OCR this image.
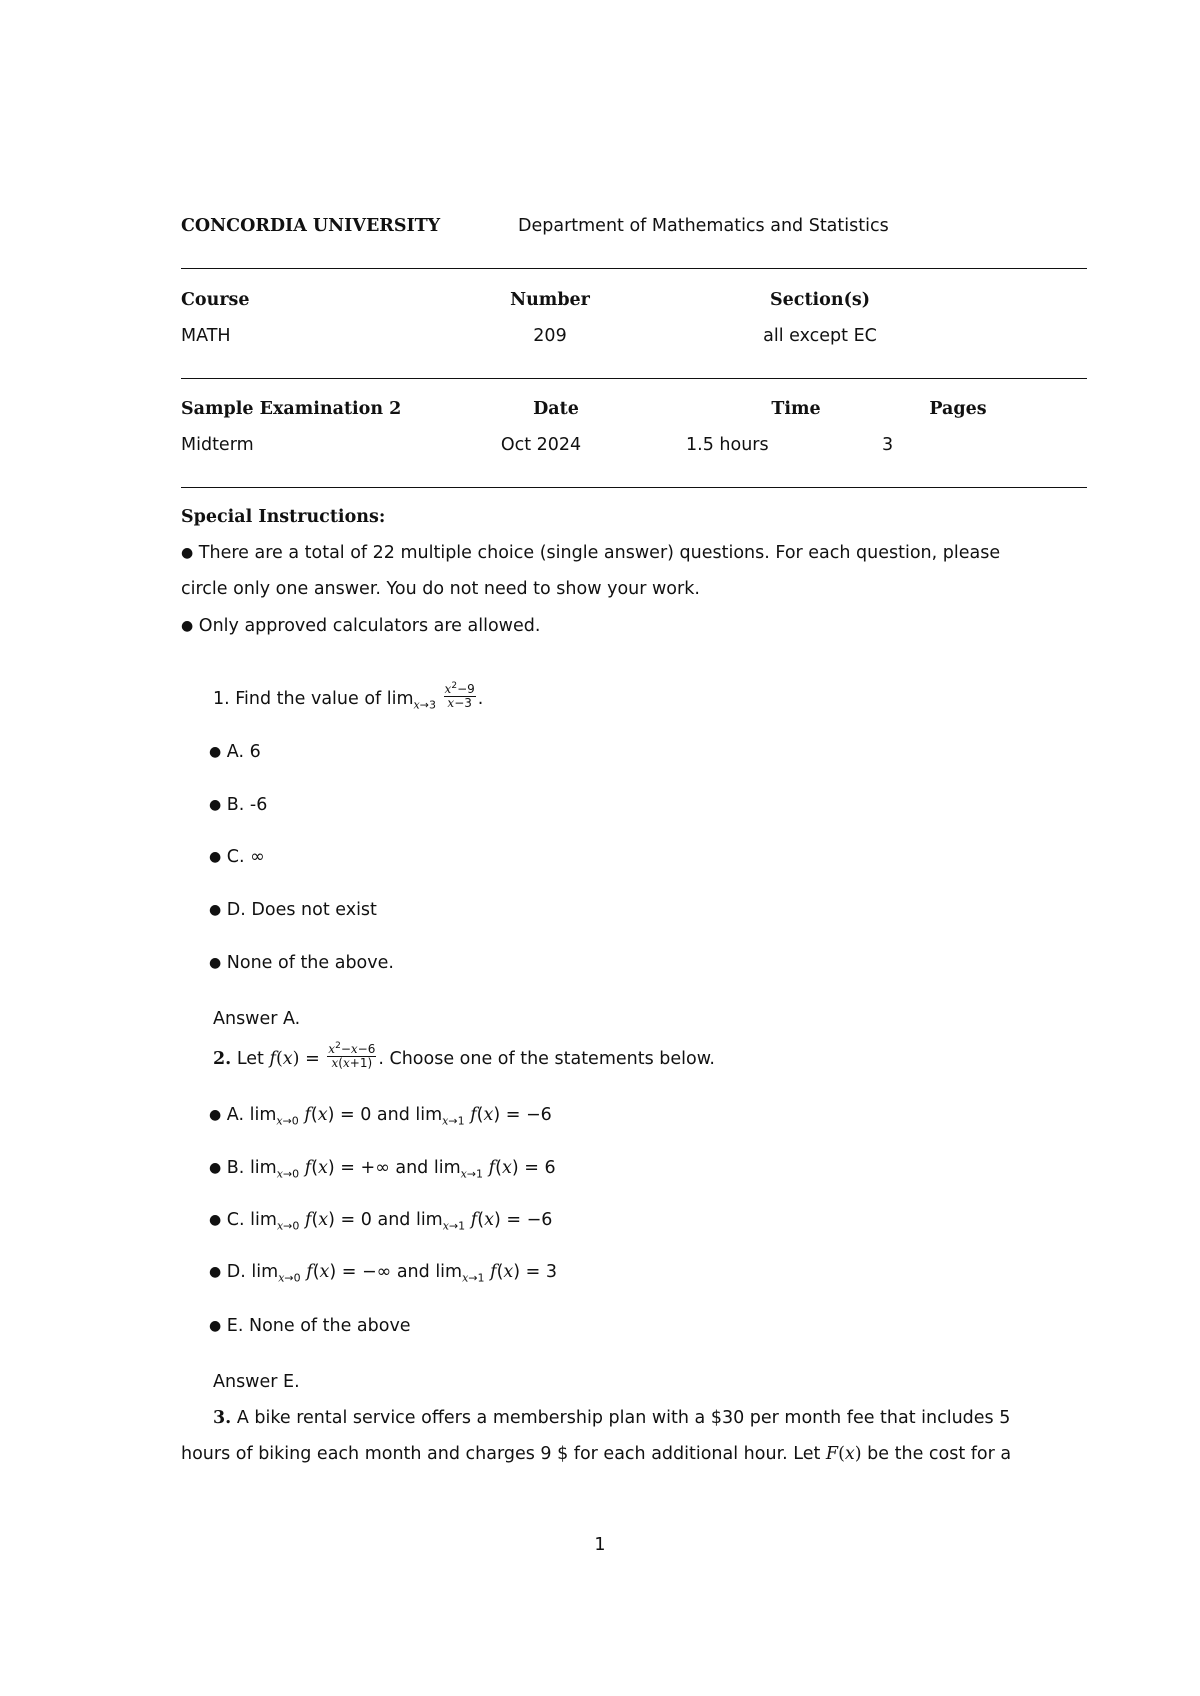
CONCORDIA UNIVERSITY	Department of Mathematics and Statistics
Course	Number	Section(s)
MATH	209	all except EC
Sample Examination 2	Date	Time	Pages
Midterm	Oct 2024	1.5 hours	3
Special Instructions:
● There are a total of 22 multiple choice (single answer) questions. For each question, please
circle only one answer. You do not need to show your work.
● Only approved calculators are allowed.
1. Find the value of $\lim_{x\to 3} \frac{x^2-9}{x-3}$ .
● A. 6
● B. -6
● C. ∞
● D. Does not exist
● None of the above.
Answer A.
2. Let $f(x) = \frac{x^2-x-6}{x(x+1)}$ . Choose one of the statements below.
● A. $\lim_{x\to 0} f(x) = 0$ and $\lim_{x\to 1} f(x) = -6$
● B. $\lim_{x\to 0} f(x)$ = +∞ and $\lim_{x\to 1} f(x) = 6$
● C. $\lim_{x\to 0} f(x) = 0$ and $\lim_{x\to 1} f(x) = -6$
● D. $\lim_{x\to 0} f(x)$ = −∞ and $\lim_{x\to 1} f(x) = 3$
● E. None of the above
Answer E.
3. A bike rental service offers a membership plan with a $30 per month fee that includes 5
hours of biking each month and charges 9 $ for each additional hour. Let F(x) be the cost for a
1
